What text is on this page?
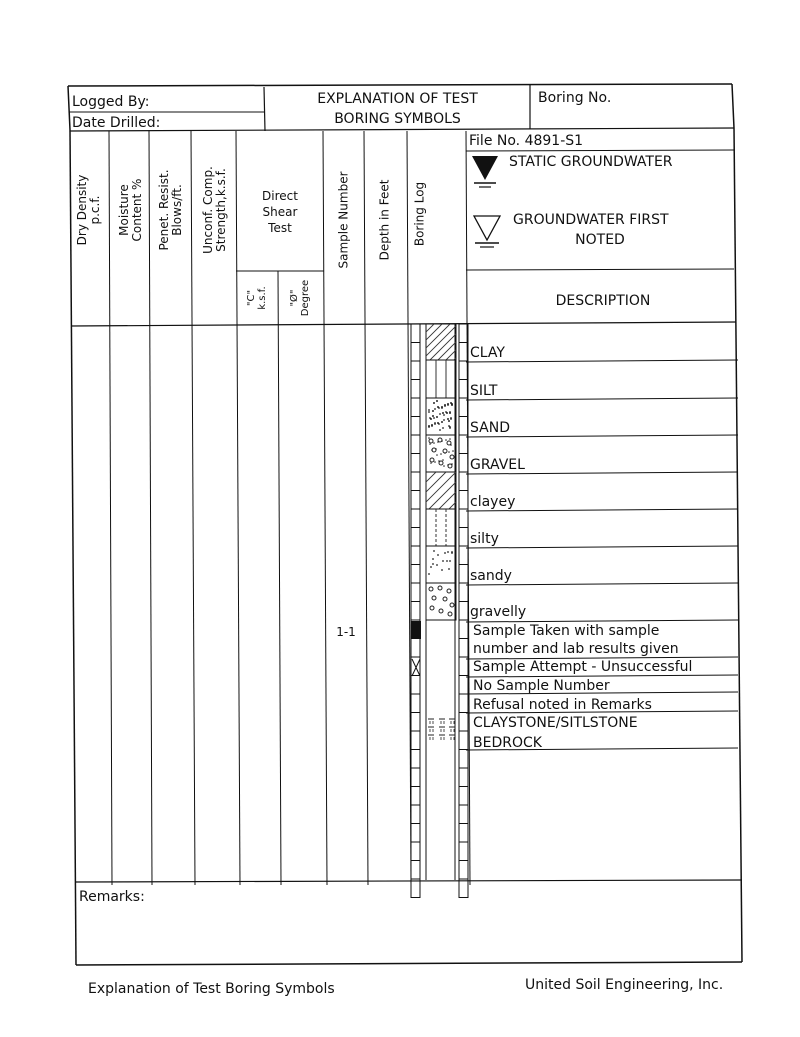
Logged By:
Date Drilled:
EXPLANATION OF TEST
BORING SYMBOLS
Boring No.
File No. 4891-S1
Dry Density
p.c.f. Moisture
Content %
Penet. Resist.
Blows/ft. Unconf. Comp.
Strength,k.s.f.	Direct
Shear
Test
"C"
k.s.f. "Ø"
Degree
Sample Number Depth in Feet Boring Log
STATIC GROUNDWATER
GROUNDWATER FIRST
NOTED
DESCRIPTION
CLAY
SILT
SAND
GRAVEL
clayey
silty
sandy
gravelly
Sample Taken with sample
number and lab results given
Sample Attempt - Unsuccessful
No Sample Number
Refusal noted in Remarks
CLAYSTONE/SITLSTONE
BEDROCK
1-1
Remarks:
Explanation of Test Boring Symbols	United Soil Engineering, Inc.
